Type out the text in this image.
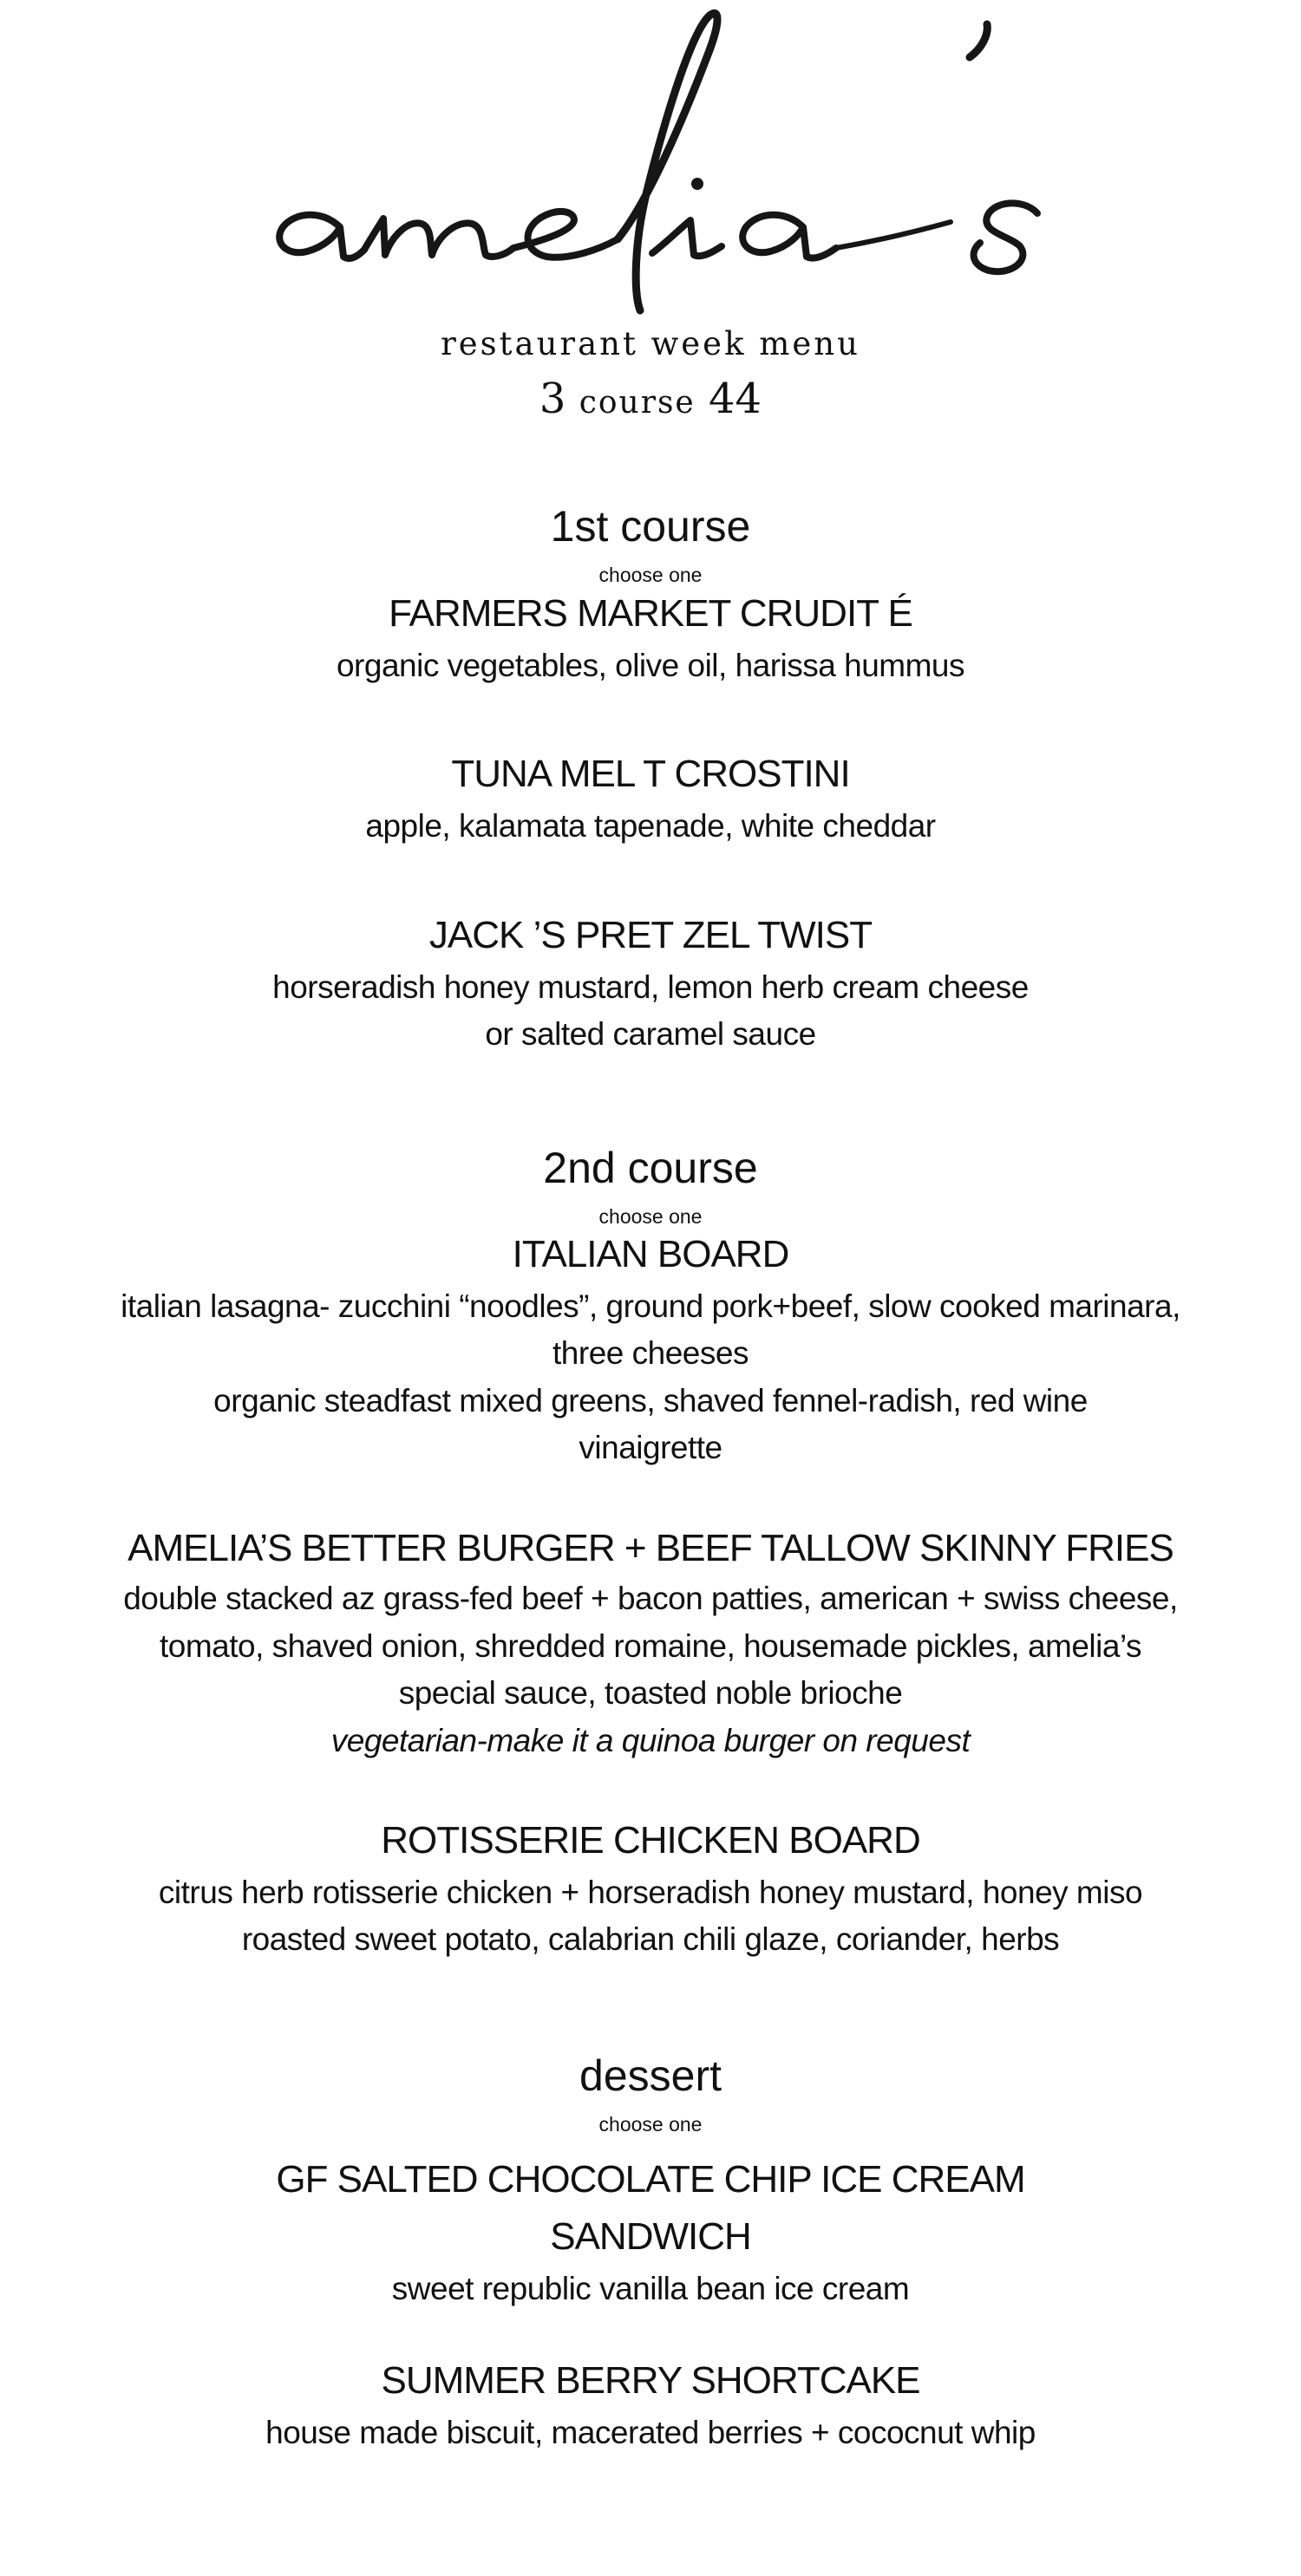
restaurant week menu
3 course 44
1st course
choose one
FARMERS MARKET CRUDIT É
organic vegetables, olive oil, harissa hummus
TUNA MEL T CROSTINI
apple, kalamata tapenade, white cheddar
JACK ’S PRET ZEL TWIST
horseradish honey mustard, lemon herb cream cheese
or salted caramel sauce
2nd course
choose one
ITALIAN BOARD
italian lasagna- zucchini “noodles”, ground pork+beef, slow cooked marinara,
three cheeses
organic steadfast mixed greens, shaved fennel-radish, red wine
vinaigrette
AMELIA’S BETTER BURGER + BEEF TALLOW SKINNY FRIES
double stacked az grass-fed beef + bacon patties, american + swiss cheese,
tomato, shaved onion, shredded romaine, housemade pickles, amelia’s
special sauce, toasted noble brioche
vegetarian-make it a quinoa burger on request
ROTISSERIE CHICKEN BOARD
citrus herb rotisserie chicken + horseradish honey mustard, honey miso
roasted sweet potato, calabrian chili glaze, coriander, herbs
dessert
choose one
GF SALTED CHOCOLATE CHIP ICE CREAM
SANDWICH
sweet republic vanilla bean ice cream
SUMMER BERRY SHORTCAKE
house made biscuit, macerated berries + cococnut whip
